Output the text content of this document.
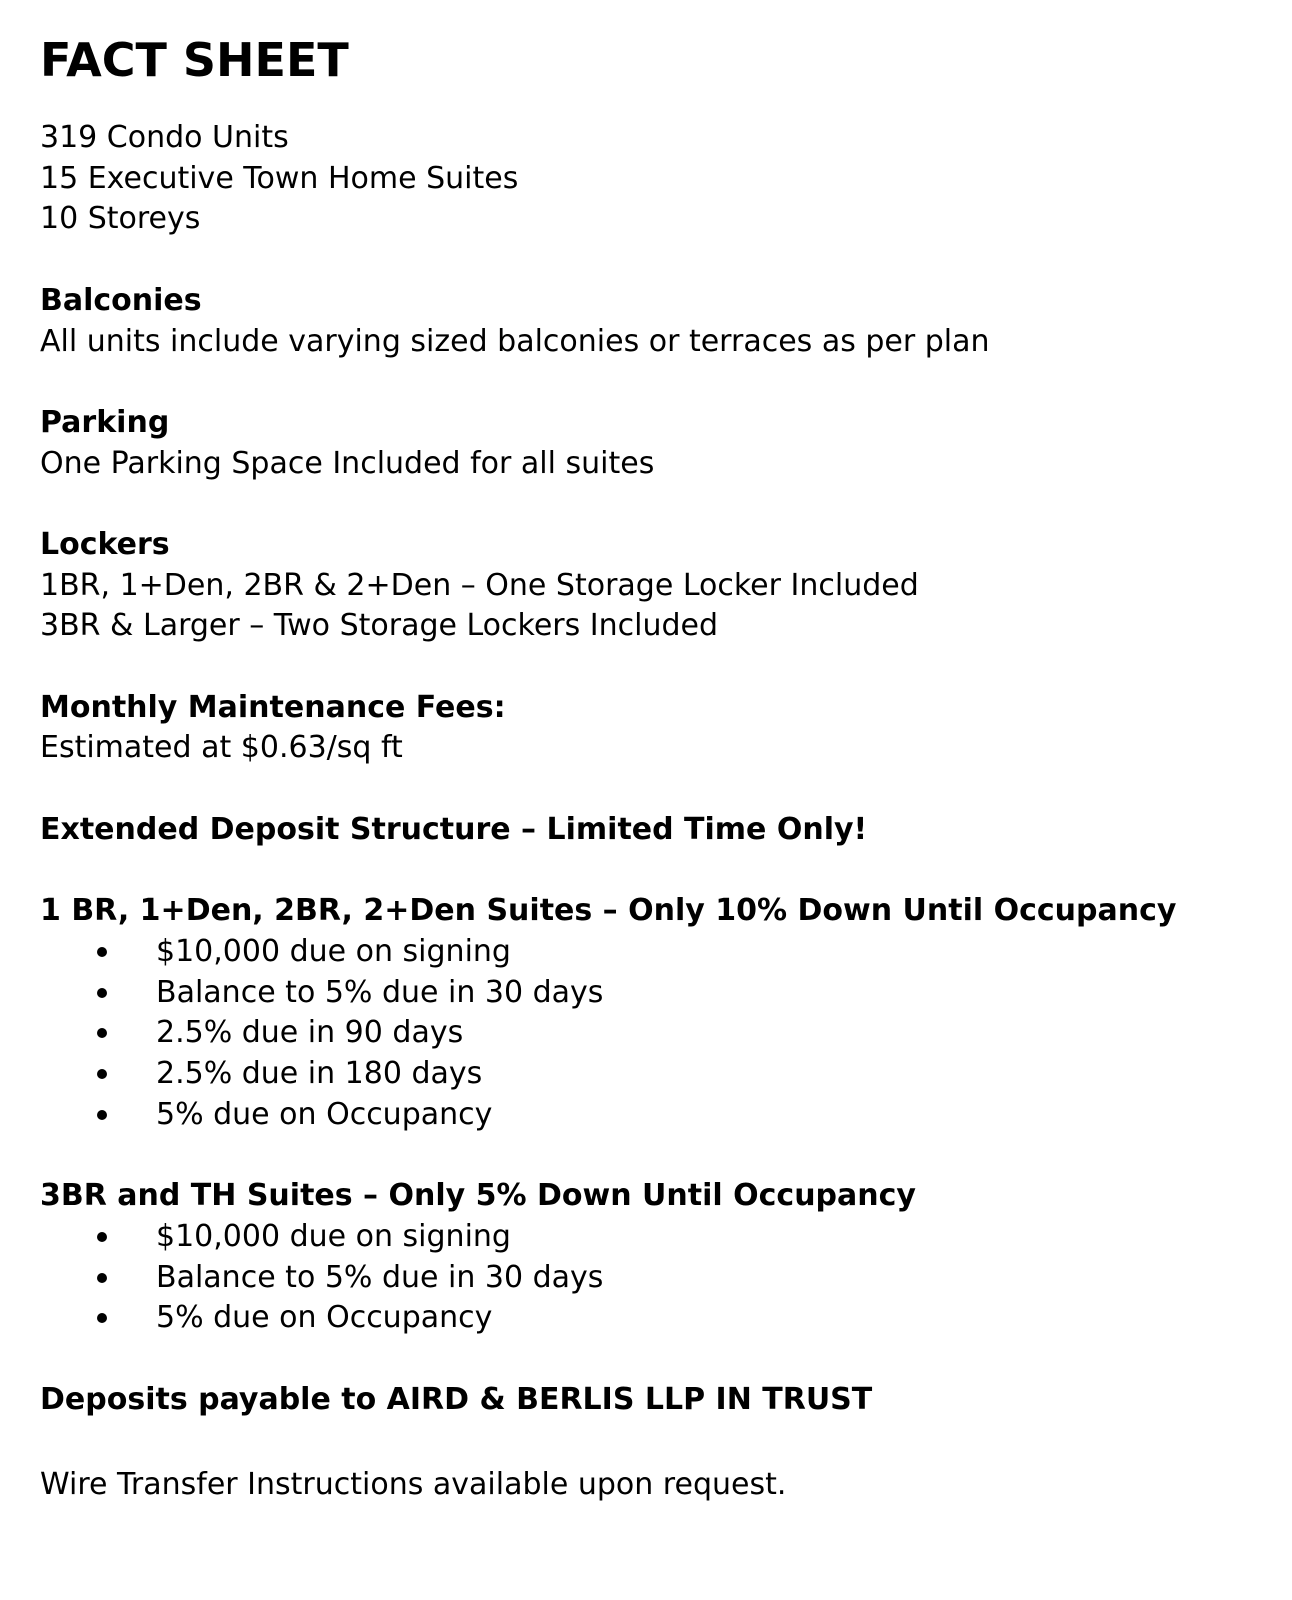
FACT SHEET
319 Condo Units
15 Executive Town Home Suites
10 Storeys
Balconies
All units include varying sized balconies or terraces as per plan
Parking
One Parking Space Included for all suites
Lockers
1BR, 1+Den, 2BR & 2+Den – One Storage Locker Included
3BR & Larger – Two Storage Lockers Included
Monthly Maintenance Fees:
Estimated at $0.63/sq ft
Extended Deposit Structure – Limited Time Only!
1 BR, 1+Den, 2BR, 2+Den Suites – Only 10% Down Until Occupancy
$10,000 due on signing
Balance to 5% due in 30 days
2.5% due in 90 days
2.5% due in 180 days
5% due on Occupancy
3BR and TH Suites – Only 5% Down Until Occupancy
$10,000 due on signing
Balance to 5% due in 30 days
5% due on Occupancy
Deposits payable to AIRD & BERLIS LLP IN TRUST
Wire Transfer Instructions available upon request.
